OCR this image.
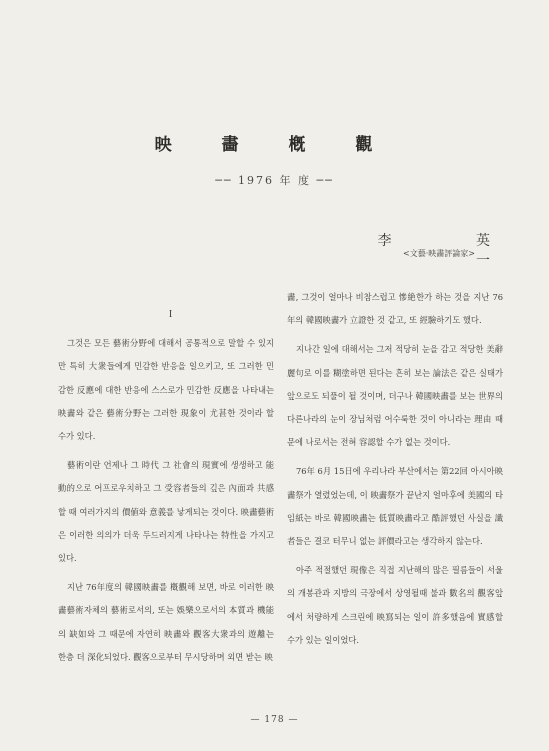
映 畵 槪 觀
── 1976 年 度 ──
李 英 一
<文藝·映畵評論家>

I

그것은 모든 藝術分野에 대해서 공통적으로 말할 수 있지만 특히 大衆들에게 민감한 반응을 일으키고, 또 그러한 민감한 反應에 대한 반응에 스스로가 민감한 反應을 나타내는 映畵와 같은 藝術分野는 그러한 現象이 尤甚한 것이라 할 수가 있다.

藝術이란 언제나 그 時代 그 社會의 現實에 생생하고 能動的으로 어프로우치하고 그 受容者들의 깊은 內面과 共感할 때 여러가지의 價値와 意義를 낳게되는 것이다. 映畵藝術은 이러한 의의가 더욱 두드러지게 나타나는 特性을 가지고 있다.

지난 76年度의 韓國映畵를 槪觀해 보면, 바로 이러한 映畵藝術자체의 藝術로서의, 또는 娛樂으로서의 本質과 機能의 缺如와 그 때문에 자연히 映畵와 觀客大衆과의 遊離는 한층 더 深化되었다. 觀客으로부터 무시당하며 외면 받는 映

畵, 그것이 얼마나 비참스럽고 慘絶한가 하는 것을 지난 76年의 韓國映畵가 立證한 것 같고, 또 經驗하기도 했다.

지나간 일에 대해서는 그저 적당히 눈을 감고 적당한 美辭麗句로 이를 糊塗하면 된다는 흔히 보는 論法은 같은 실태가 앞으로도 되풀이 될 것이며, 더구나 韓國映畵를 보는 世界의 다른나라의 눈이 장님처럼 어수룩한 것이 아니라는 理由 때문에 나로서는 전혀 容認할 수가 없는 것이다.

76年 6月 15日에 우리나라 부산에서는 第22回 아시아映畵祭가 열렸었는데, 이 映畵祭가 끝난지 얼마후에 美國의 타임紙는 바로 韓國映畵는 低質映畵라고 酷評했던 사실을 識者들은 결코 터무니 없는 評價라고는 생각하지 않는다.

아주 적절했던 現像은 직접 지난해의 많은 필름들이 서울의 개봉관과 지방의 극장에서 상영될때 불과 數名의 觀客앞에서 처량하게 스크린에 映寫되는 일이 許多했음에 實感할 수가 있는 일이었다.

— 178 —
